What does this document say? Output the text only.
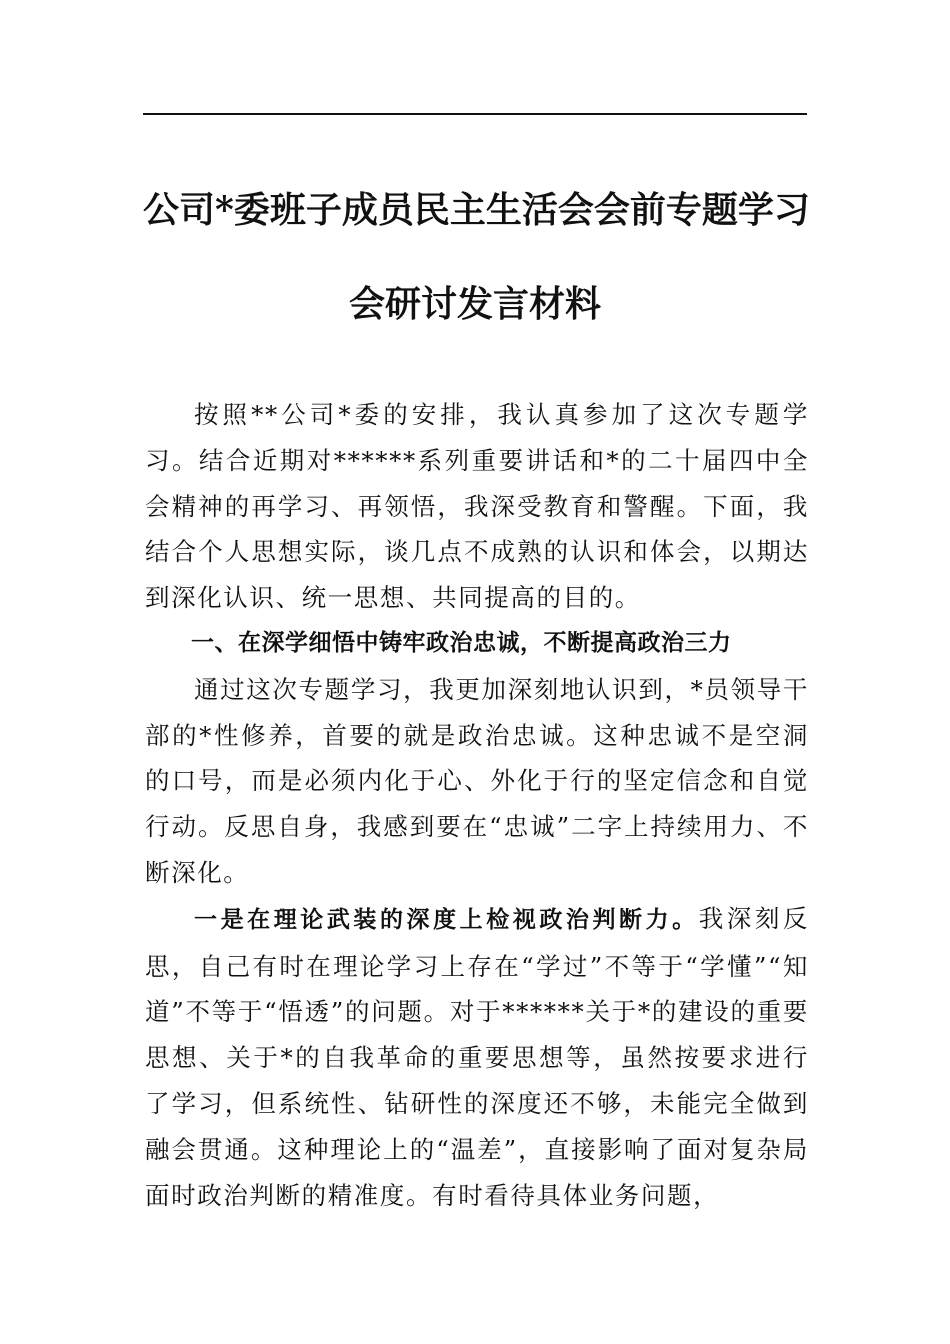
公司*委班子成员民主生活会会前专题学习
会研讨发言材料

按照**公司*委的安排，我认真参加了这次专题学习。结合近期对******系列重要讲话和*的二十届四中全会精神的再学习、再领悟，我深受教育和警醒。下面，我结合个人思想实际，谈几点不成熟的认识和体会，以期达到深化认识、统一思想、共同提高的目的。

一、在深学细悟中铸牢政治忠诚，不断提高政治三力

通过这次专题学习，我更加深刻地认识到，*员领导干部的*性修养，首要的就是政治忠诚。这种忠诚不是空洞的口号，而是必须内化于心、外化于行的坚定信念和自觉行动。反思自身，我感到要在“忠诚”二字上持续用力、不断深化。

一是在理论武装的深度上检视政治判断力。我深刻反思，自己有时在理论学习上存在“学过”不等于“学懂”“知道”不等于“悟透”的问题。对于******关于*的建设的重要思想、关于*的自我革命的重要思想等，虽然按要求进行了学习，但系统性、钻研性的深度还不够，未能完全做到融会贯通。这种理论上的“温差”，直接影响了面对复杂局面时政治判断的精准度。有时看待具体业务问题，
